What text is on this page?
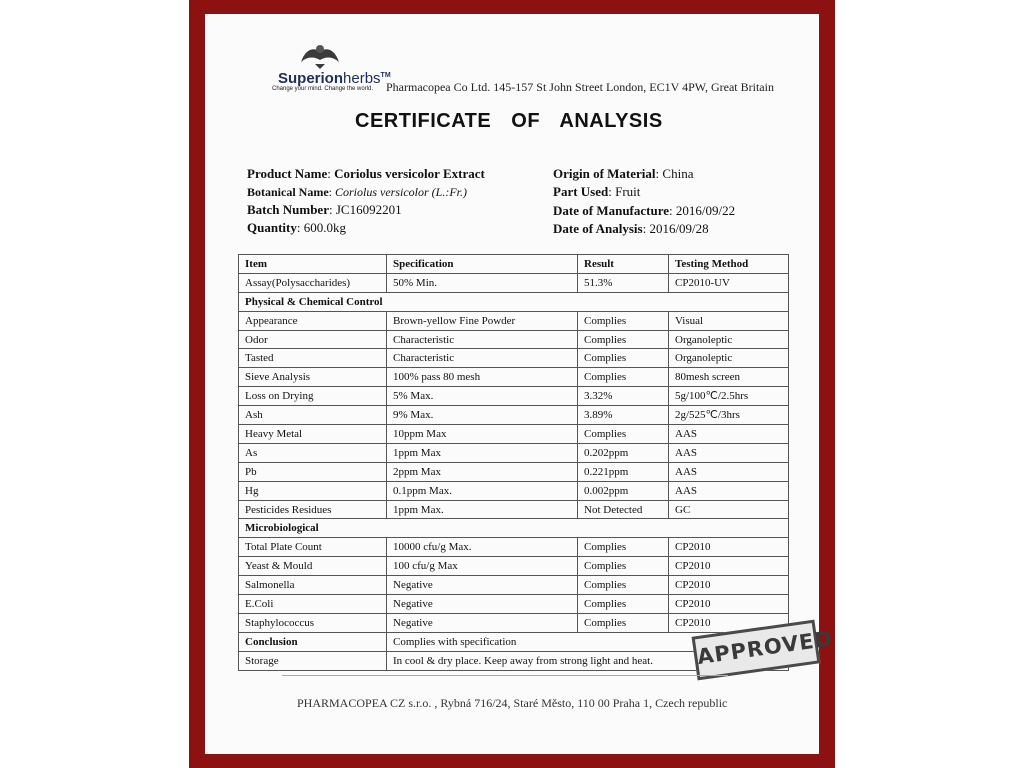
Superionherbs™
Change your mind. Change the world. Pharmacopea Co Ltd. 145-157 St John Street London, EC1V 4PW, Great Britain
CERTIFICATE OF ANALYSIS
Product Name: Coriolus versicolor Extract
Botanical Name: Coriolus versicolor (L.:Fr.)
Batch Number: JC16092201
Quantity: 600.0kg
Origin of Material: China
Part Used: Fruit
Date of Manufacture: 2016/09/22
Date of Analysis: 2016/09/28
Item	Specification	Result	Testing Method
Assay(Polysaccharides)	50% Min.	51.3%	CP2010-UV
Physical & Chemical Control			
Appearance	Brown-yellow Fine Powder	Complies	Visual
Odor	Characteristic	Complies	Organoleptic
Tasted	Characteristic	Complies	Organoleptic
Sieve Analysis	100% pass 80 mesh	Complies	80mesh screen
Loss on Drying	5% Max.	3.32%	5g/100℃/2.5hrs
Ash	9% Max.	3.89%	2g/525℃/3hrs
Heavy Metal	10ppm Max	Complies	AAS
As	1ppm Max	0.202ppm	AAS
Pb	2ppm Max	0.221ppm	AAS
Hg	0.1ppm Max.	0.002ppm	AAS
Pesticides Residues	1ppm Max.	Not Detected	GC
Microbiological			
Total Plate Count	10000 cfu/g Max.	Complies	CP2010
Yeast & Mould	100 cfu/g Max	Complies	CP2010
Salmonella	Negative	Complies	CP2010
E.Coli	Negative	Complies	CP2010
Staphylococcus	Negative	Complies	CP2010
Conclusion	Complies with specification		
Storage	In cool & dry place. Keep away from strong light and heat.		APPROVED
PHARMACOPEA CZ s.r.o. , Rybná 716/24, Staré Město, 110 00 Praha 1, Czech republic
